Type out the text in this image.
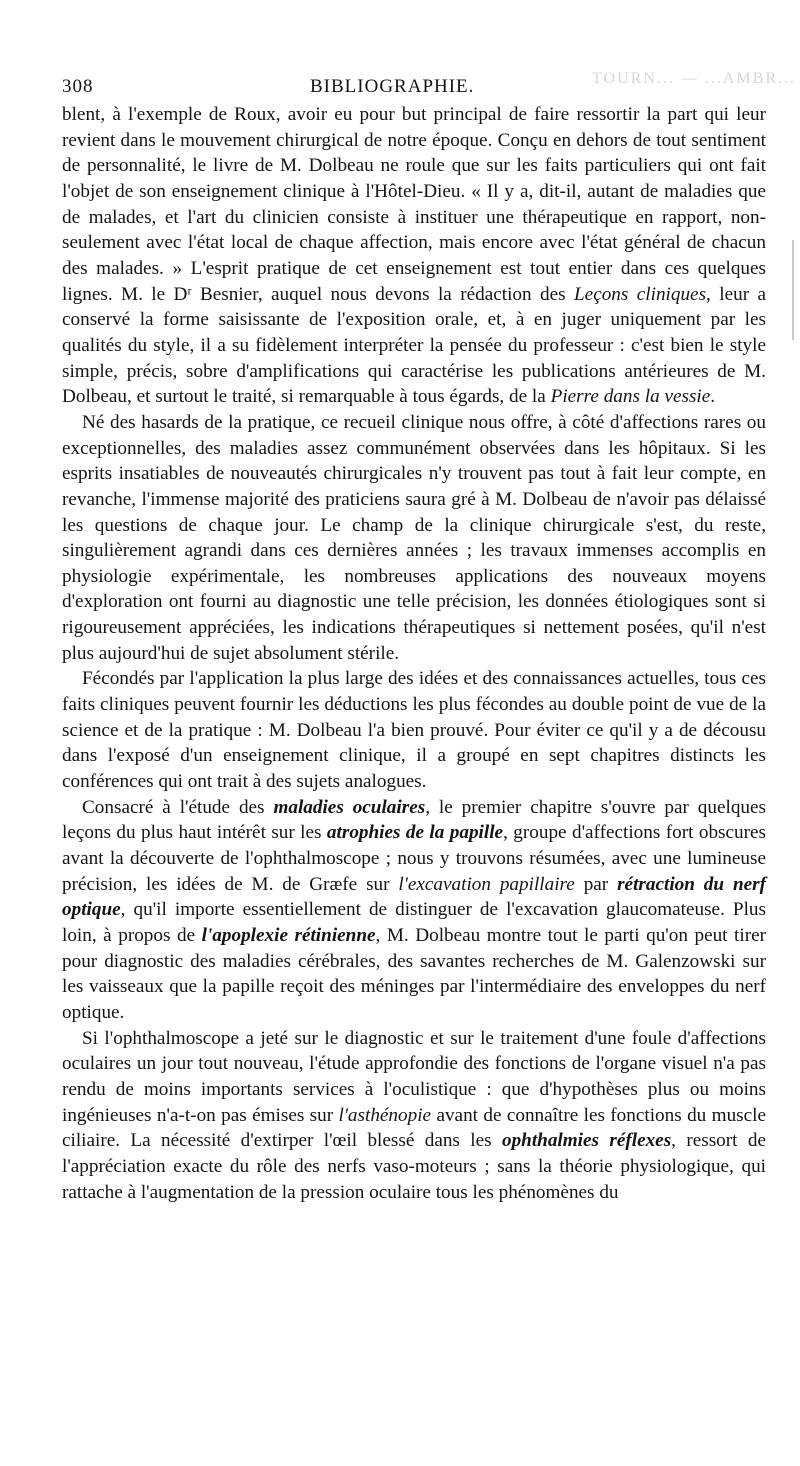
308	BIBLIOGRAPHIE.	TOURN... — ...AMBR...

blent, à l'exemple de Roux, avoir eu pour but principal de faire ressortir la part qui leur revient dans le mouvement chirurgical de notre époque. Conçu en dehors de tout sentiment de personnalité, le livre de M. Dolbeau ne roule que sur les faits particuliers qui ont fait l'objet de son enseignement clinique à l'Hôtel-Dieu. « Il y a, dit-il, autant de maladies que de malades, et l'art du clinicien consiste à instituer une thérapeutique en rapport, non-seulement avec l'état local de chaque affection, mais encore avec l'état général de chacun des malades. » L'esprit pratique de cet enseignement est tout entier dans ces quelques lignes. M. le Dʳ Besnier, auquel nous devons la rédaction des Leçons cliniques, leur a conservé la forme saisissante de l'exposition orale, et, à en juger uniquement par les qualités du style, il a su fidèlement interpréter la pensée du professeur : c'est bien le style simple, précis, sobre d'amplifications qui caractérise les publications antérieures de M. Dolbeau, et surtout le traité, si remarquable à tous égards, de la Pierre dans la vessie.

Né des hasards de la pratique, ce recueil clinique nous offre, à côté d'affections rares ou exceptionnelles, des maladies assez communément observées dans les hôpitaux. Si les esprits insatiables de nouveautés chirurgicales n'y trouvent pas tout à fait leur compte, en revanche, l'immense majorité des praticiens saura gré à M. Dolbeau de n'avoir pas délaissé les questions de chaque jour. Le champ de la clinique chirurgicale s'est, du reste, singulièrement agrandi dans ces dernières années ; les travaux immenses accomplis en physiologie expérimentale, les nombreuses applications des nouveaux moyens d'exploration ont fourni au diagnostic une telle précision, les données étiologiques sont si rigoureusement appréciées, les indications thérapeutiques si nettement posées, qu'il n'est plus aujourd'hui de sujet absolument stérile.

Fécondés par l'application la plus large des idées et des connaissances actuelles, tous ces faits cliniques peuvent fournir les déductions les plus fécondes au double point de vue de la science et de la pratique : M. Dolbeau l'a bien prouvé. Pour éviter ce qu'il y a de décousu dans l'exposé d'un enseignement clinique, il a groupé en sept chapitres distincts les conférences qui ont trait à des sujets analogues.

Consacré à l'étude des maladies oculaires, le premier chapitre s'ouvre par quelques leçons du plus haut intérêt sur les atrophies de la papille, groupe d'affections fort obscures avant la découverte de l'ophthalmoscope ; nous y trouvons résumées, avec une lumineuse précision, les idées de M. de Græfe sur l'excavation papillaire par rétraction du nerf optique, qu'il importe essentiellement de distinguer de l'excavation glaucomateuse. Plus loin, à propos de l'apoplexie rétinienne, M. Dolbeau montre tout le parti qu'on peut tirer pour diagnostic des maladies cérébrales, des savantes recherches de M. Galenzowski sur les vaisseaux que la papille reçoit des méninges par l'intermédiaire des enveloppes du nerf optique.

Si l'ophthalmoscope a jeté sur le diagnostic et sur le traitement d'une foule d'affections oculaires un jour tout nouveau, l'étude approfondie des fonctions de l'organe visuel n'a pas rendu de moins importants services à l'oculistique : que d'hypothèses plus ou moins ingénieuses n'a-t-on pas émises sur l'asthénopie avant de connaître les fonctions du muscle ciliaire. La nécessité d'extirper l'œil blessé dans les ophthalmies réflexes, ressort de l'appréciation exacte du rôle des nerfs vaso-moteurs ; sans la théorie physiologique, qui rattache à l'augmentation de la pression oculaire tous les phénomènes du
